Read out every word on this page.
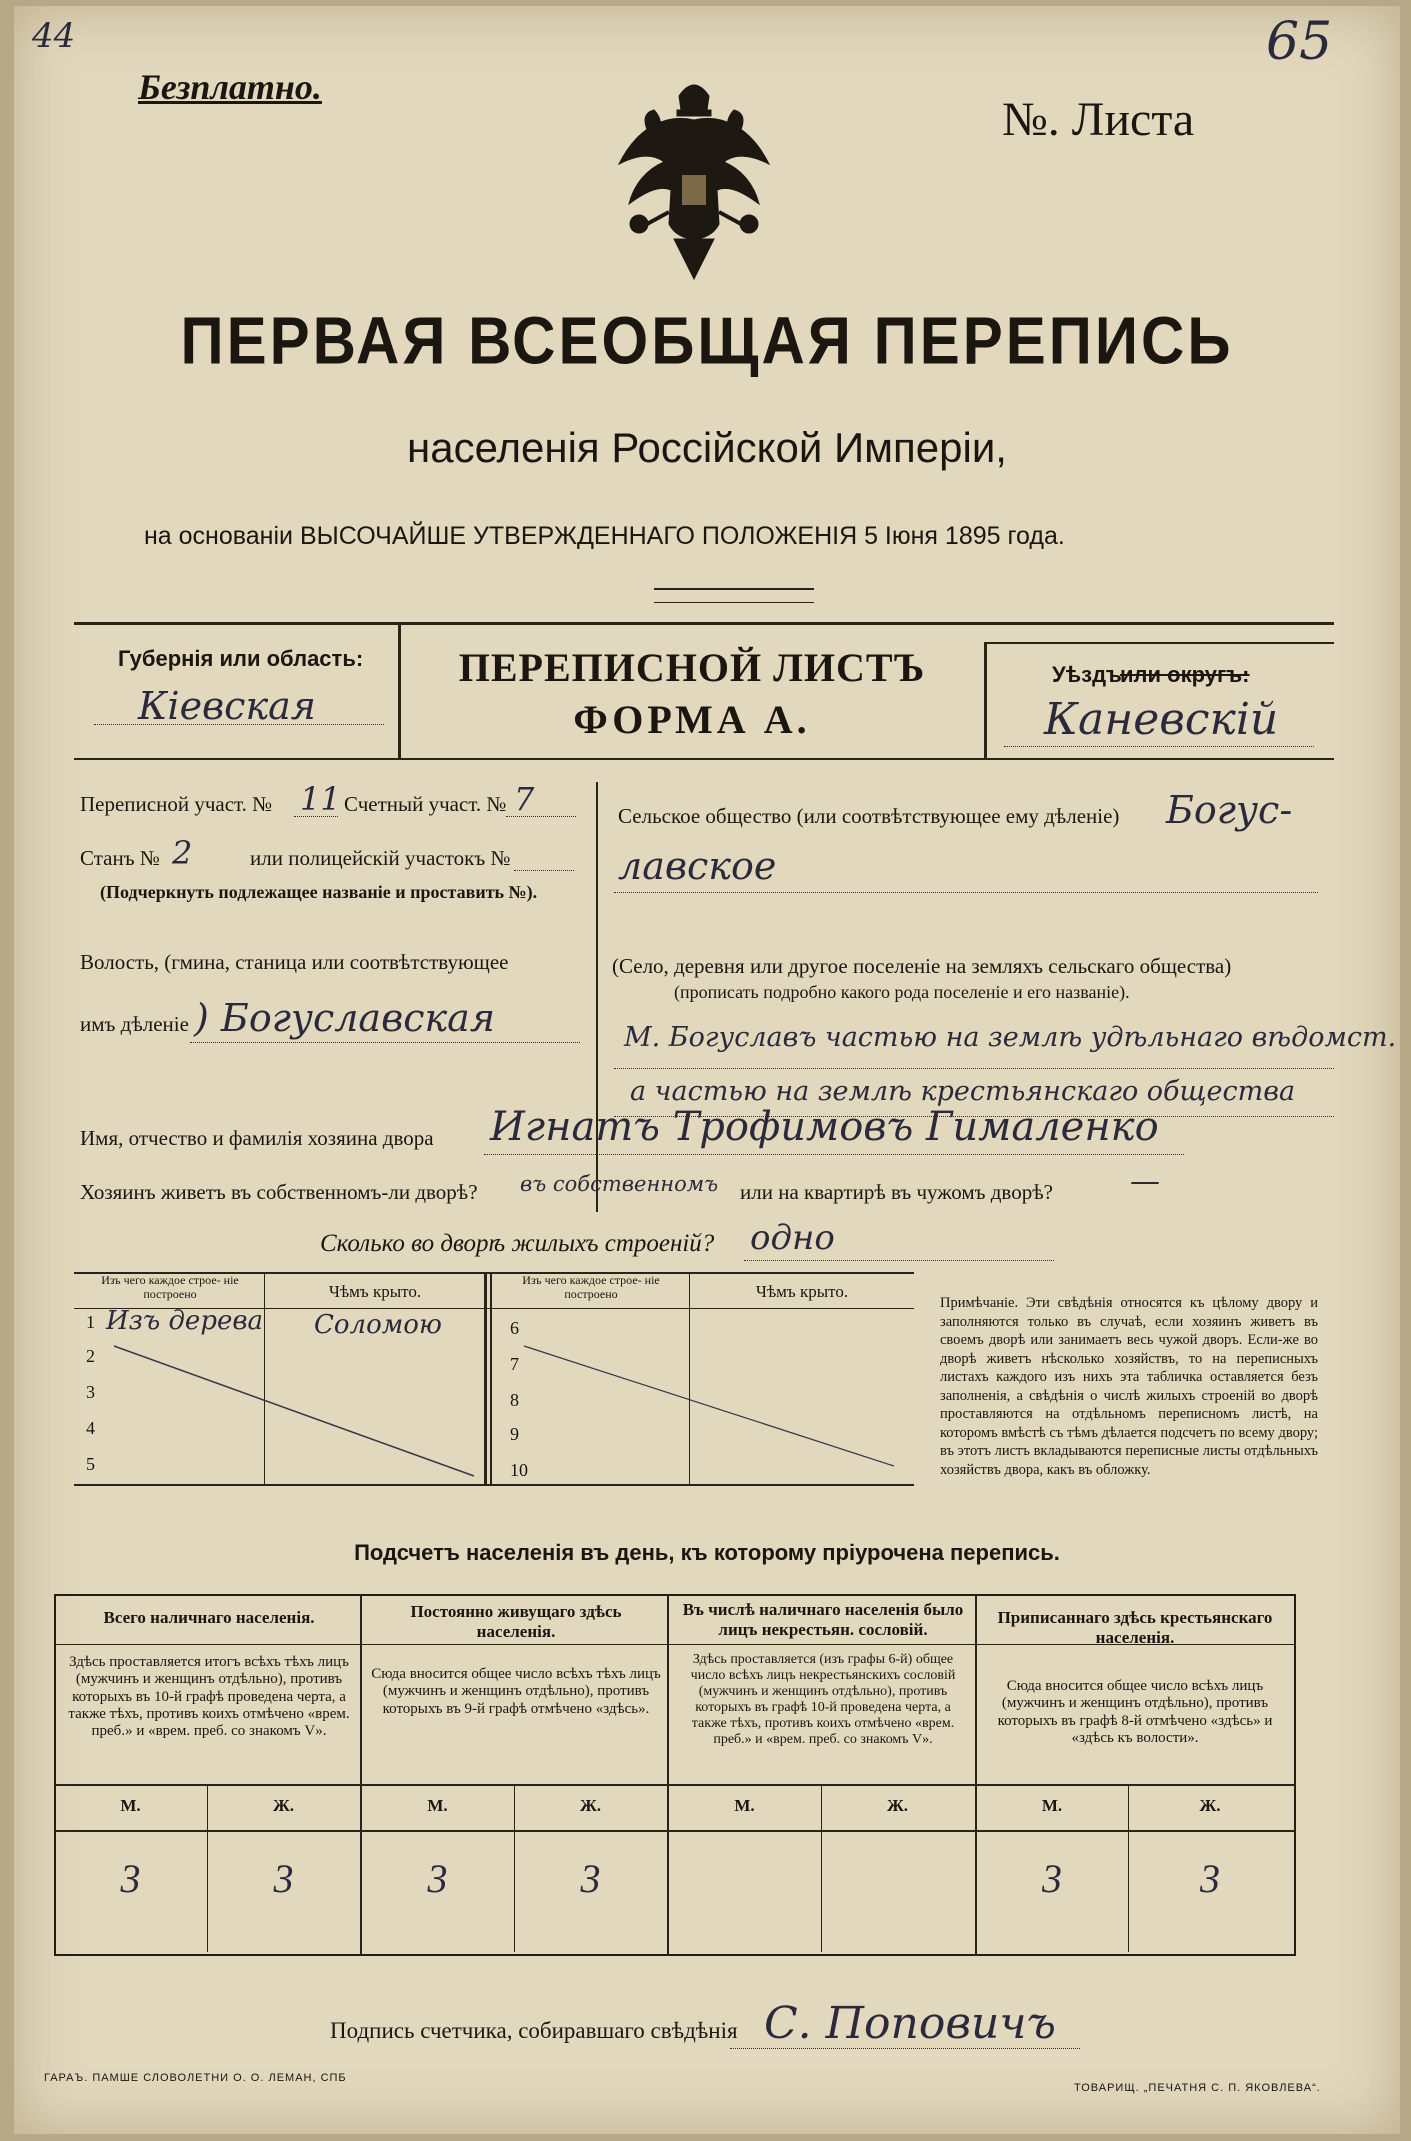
44
Безплатно.
№. Листа
65
ПЕРВАЯ ВСЕОБЩАЯ ПЕРЕПИСЬ
населенія Россійской Имперіи,
на основаніи ВЫСОЧАЙШЕ УТВЕРЖДЕННАГО ПОЛОЖЕНІЯ 5 Іюня 1895 года.
Губернія или область:
Кіевская
ПЕРЕПИСНОЙ ЛИСТЪ
ФОРМА А.
Уѣздъ
или округъ:
Каневскій
Переписной участ. № 11 Счетный участ. № 7
Станъ № 2	или полицейскій участокъ №
(Подчеркнуть подлежащее названіе и проставить №).
Волость, (гмина, станица или соотвѣтствующее
имъ дѣленіе ) Богуславская
Сельское общество (или соотвѣтствующее ему дѣленіе) Богус-
лавское
(Село, деревня или другое поселеніе на земляхъ сельскаго общества)
(прописать подробно какого рода поселеніе и его названіе).
М. Богуславъ частью на землѣ удѣльнаго вѣдомст.
а частью на землѣ крестьянскаго общества
Имя, отчество и фамилія хозяина двора Игнатъ Трофимовъ Гималенко
Хозяинъ живетъ въ собственномъ-ли дворѣ? въ собственномъ или на квартирѣ въ чужомъ дворѣ?	—
Сколько во дворѣ жилыхъ строеній? одно
Изъ чего каждое строе- ніе построено	Чѣмъ крыто.
Изъ чего каждое строе- ніе построено	Чѣмъ крыто.
1 Изъ дерева Соломою
2
3
4
5
6
7
8
9
10
Примѣчаніе. Эти свѣдѣнія относятся къ цѣлому двору и заполняются только въ случаѣ, если хозяинъ живетъ въ своемъ дворѣ или занимаетъ весь чужой дворъ. Если-же во дворѣ живетъ нѣсколько хозяйствъ, то на переписныхъ листахъ каждого изъ нихъ эта табличка оставляется безъ заполненія, а свѣдѣнія о числѣ жилыхъ строеній во дворѣ проставляются на отдѣльномъ переписномъ листѣ, на которомъ вмѣстѣ съ тѣмъ дѣлается подсчетъ по всему двору; въ этотъ листъ вкладываются переписные листы отдѣльныхъ хозяйствъ двора, какъ въ обложку.
Подсчетъ населенія въ день, къ которому пріурочена перепись.
Всего наличнаго населенія.
Здѣсь проставляется итогъ всѣхъ тѣхъ лицъ (мужчинъ и женщинъ отдѣльно), противъ которыхъ въ 10-й графѣ проведена черта, а также тѣхъ, противъ коихъ отмѣчено «врем. преб.» и «врем. преб. со знакомъ V».
М.	Ж.
3	3
Постоянно живущаго здѣсь населенія.
Сюда вносится общее число всѣхъ тѣхъ лицъ (мужчинъ и женщинъ отдѣльно), противъ которыхъ въ 9-й графѣ отмѣчено «здѣсь».
М.	Ж.
3	3
Въ числѣ наличнаго населенія было лицъ некрестьян. сословій.
Здѣсь проставляется (изъ графы 6-й) общее число всѣхъ лицъ некрестьянскихъ сословій (мужчинъ и женщинъ отдѣльно), противъ которыхъ въ графѣ 10-й проведена черта, а также тѣхъ, противъ коихъ отмѣчено «врем. преб.» и «врем. преб. со знакомъ V».
М.	Ж.
Приписаннаго здѣсь крестьянскаго населенія.
Сюда вносится общее число всѣхъ лицъ (мужчинъ и женщинъ отдѣльно), противъ которыхъ въ графѣ 8-й отмѣчено «здѣсь» и «здѣсь къ волости».
М.	Ж.
3	3
Подпись счетчика, собиравшаго свѣдѣнія С. Поповичъ
ГАРАЪ. ПАМШЕ СЛОВОЛЕТНИ О. О. ЛЕМАН, СПБ
ТОВАРИЩ. „ПЕЧАТНЯ С. П. ЯКОВЛЕВА“.
